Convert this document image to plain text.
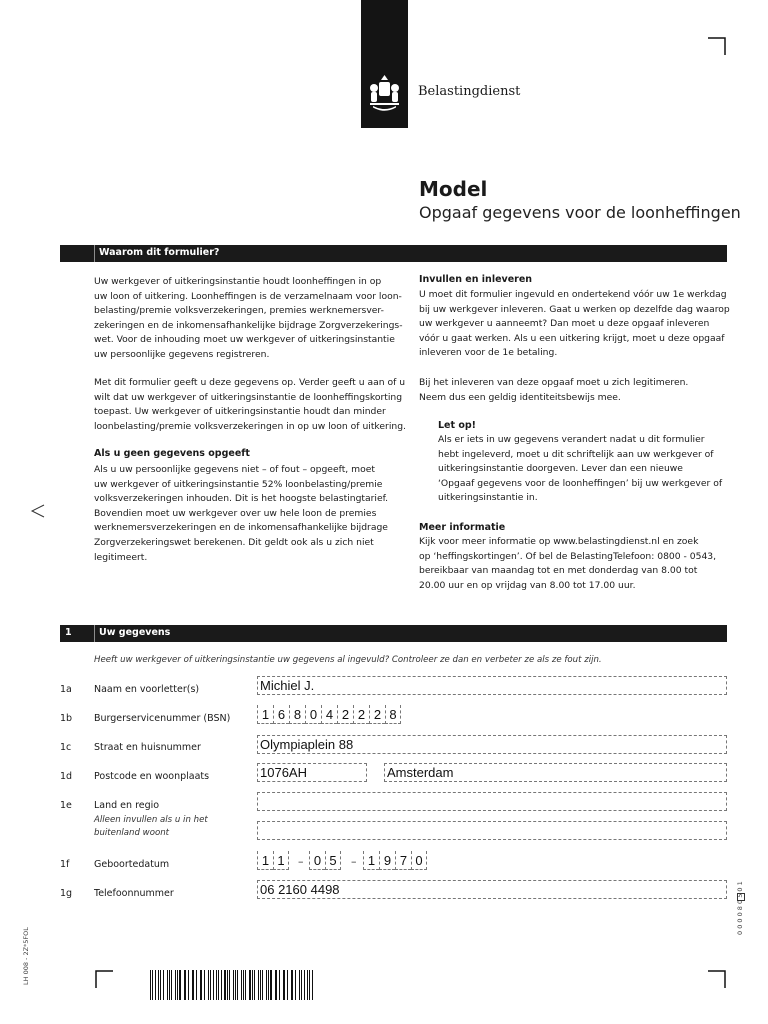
Belastingdienst
Model
Opgaaf gegevens voor de loonheffingen
Waarom dit formulier?
Uw werkgever of uitkeringsinstantie houdt loonheffingen in op
uw loon of uitkering. Loonheffingen is de verzamelnaam voor loon-
belasting/premie volksverzekeringen, premies werknemersver-
zekeringen en de inkomensafhankelijke bijdrage Zorgverzekerings-
wet. Voor de inhouding moet uw werkgever of uitkeringsinstantie
uw persoonlijke gegevens registreren.
Met dit formulier geeft u deze gegevens op. Verder geeft u aan of u
wilt dat uw werkgever of uitkeringsinstantie de loonheffingskorting
toepast. Uw werkgever of uitkeringsinstantie houdt dan minder
loonbelasting/premie volksverzekeringen in op uw loon of uitkering.
Als u geen gegevens opgeeft
Als u uw persoonlijke gegevens niet – of fout – opgeeft, moet
uw werkgever of uitkeringsinstantie 52% loonbelasting/premie
volksverzekeringen inhouden. Dit is het hoogste belastingtarief.
Bovendien moet uw werkgever over uw hele loon de premies
werknemersverzekeringen en de inkomensafhankelijke bijdrage
Zorgverzekeringswet berekenen. Dit geldt ook als u zich niet
legitimeert.
Invullen en inleveren
U moet dit formulier ingevuld en ondertekend vóór uw 1e werkdag
bij uw werkgever inleveren. Gaat u werken op dezelfde dag waarop
uw werkgever u aanneemt? Dan moet u deze opgaaf inleveren
vóór u gaat werken. Als u een uitkering krijgt, moet u deze opgaaf
inleveren voor de 1e betaling.
Bij het inleveren van deze opgaaf moet u zich legitimeren.
Neem dus een geldig identiteitsbewijs mee.
Let op!
Als er iets in uw gegevens verandert nadat u dit formulier
hebt ingeleverd, moet u dit schriftelijk aan uw werkgever of
uitkeringsinstantie doorgeven. Lever dan een nieuwe
‘Opgaaf gegevens voor de loonheffingen’ bij uw werkgever of
uitkeringsinstantie in.
Meer informatie
Kijk voor meer informatie op www.belastingdienst.nl en zoek
op ‘heffingskortingen’. Of bel de BelastingTelefoon: 0800 - 0543,
bereikbaar van maandag tot en met donderdag van 8.00 tot
20.00 uur en op vrijdag van 8.00 tot 17.00 uur.
1	Uw gegevens
Heeft uw werkgever of uitkeringsinstantie uw gegevens al ingevuld? Controleer ze dan en verbeter ze als ze fout zijn.
1a Naam en voorletter(s)	Michiel J.
1b Burgerservicenummer (BSN)	1 6 8 0 4 2 2 2 8
1c Straat en huisnummer	Olympiaplein 88
1d Postcode en woonplaats	1076AH	Amsterdam
1e Land en regio
Alleen invullen als u in het
buitenland woont
1f	Geboortedatum	1 1	– 0 5	– 1 9 7 0
1g Telefoonnummer	06 2160 4498
LH 008 - 2Z*5FOL
0 0 0 0 8 0 5 0 1
